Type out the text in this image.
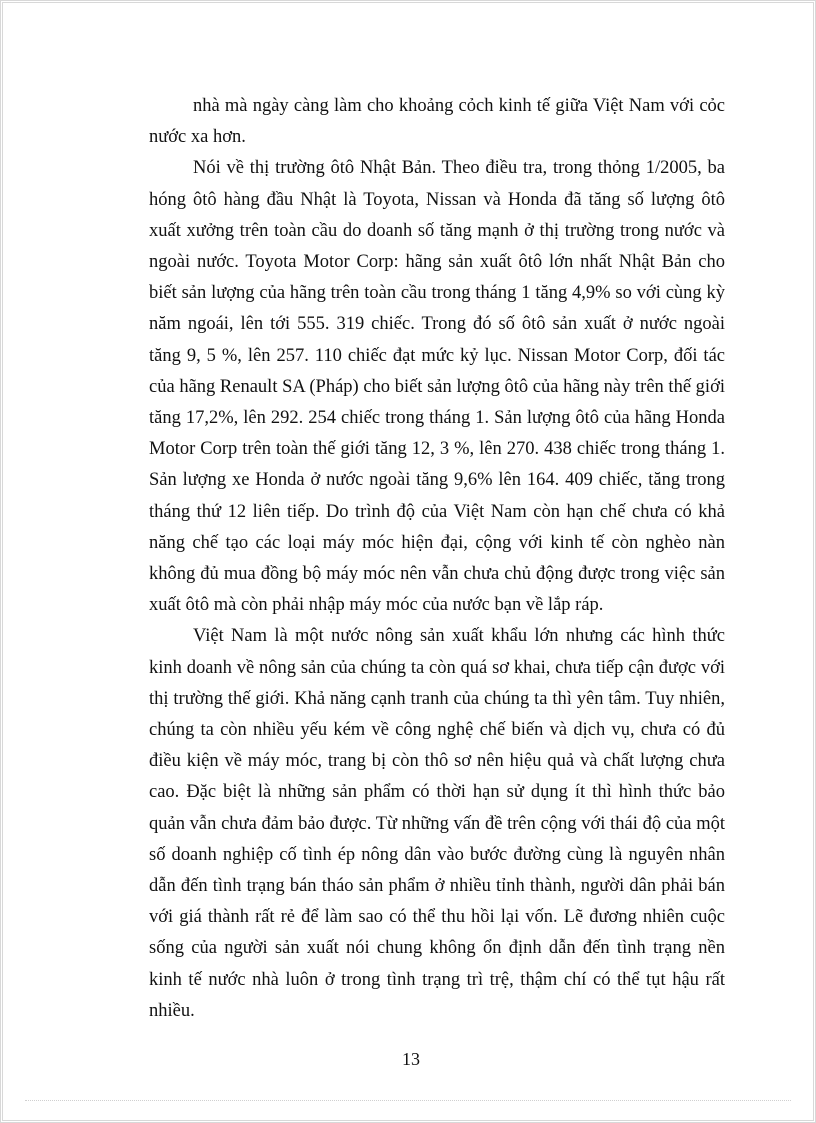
nhà mà ngày càng làm cho khoảng cỏch kinh tế giữa Việt Nam với cỏc nước xa hơn.

Nói về thị trường ôtô Nhật Bản. Theo điều tra, trong thỏng 1/2005, ba hóng ôtô hàng đầu Nhật là Toyota, Nissan và Honda đã tăng số lượng ôtô xuất xưởng trên toàn cầu do doanh số tăng mạnh ở thị trường trong nước và ngoài nước. Toyota Motor Corp: hãng sản xuất ôtô lớn nhất Nhật Bản cho biết sản lượng của hãng trên toàn cầu trong tháng 1 tăng 4,9% so với cùng kỳ năm ngoái, lên tới 555. 319 chiếc. Trong đó số ôtô sản xuất ở nước ngoài tăng 9, 5 %, lên 257. 110 chiếc đạt mức kỷ lục. Nissan Motor Corp, đối tác của hãng Renault SA (Pháp) cho biết sản lượng ôtô của hãng này trên thế giới tăng 17,2%, lên 292. 254 chiếc trong tháng 1. Sản lượng ôtô của hãng Honda Motor Corp trên toàn thế giới tăng 12, 3 %, lên 270. 438 chiếc trong tháng 1. Sản lượng xe Honda ở nước ngoài tăng 9,6% lên 164. 409 chiếc, tăng trong tháng thứ 12 liên tiếp. Do trình độ của Việt Nam còn hạn chế chưa có khả năng chế tạo các loại máy móc hiện đại, cộng với kinh tế còn nghèo nàn không đủ mua đồng bộ máy móc nên vẫn chưa chủ động được trong việc sản xuất ôtô mà còn phải nhập máy móc của nước bạn về lắp ráp.

Việt Nam là một nước nông sản xuất khẩu lớn nhưng các hình thức kinh doanh về nông sản của chúng ta còn quá sơ khai, chưa tiếp cận được với thị trường thế giới. Khả năng cạnh tranh của chúng ta thì yên tâm. Tuy nhiên, chúng ta còn nhiều yếu kém về công nghệ chế biến và dịch vụ, chưa có đủ điều kiện về máy móc, trang bị còn thô sơ nên hiệu quả và chất lượng chưa cao. Đặc biệt là những sản phẩm có thời hạn sử dụng ít thì hình thức bảo quản vẫn chưa đảm bảo được. Từ những vấn đề trên cộng với thái độ của một số doanh nghiệp cố tình ép nông dân vào bước đường cùng là nguyên nhân dẫn đến tình trạng bán tháo sản phẩm ở nhiều tỉnh thành, người dân phải bán với giá thành rất rẻ để làm sao có thể thu hồi lại vốn. Lẽ đương nhiên cuộc sống của người sản xuất nói chung không ổn định dẫn đến tình trạng nền kinh tế nước nhà luôn ở trong tình trạng trì trệ, thậm chí có thể tụt hậu rất nhiều.

13
